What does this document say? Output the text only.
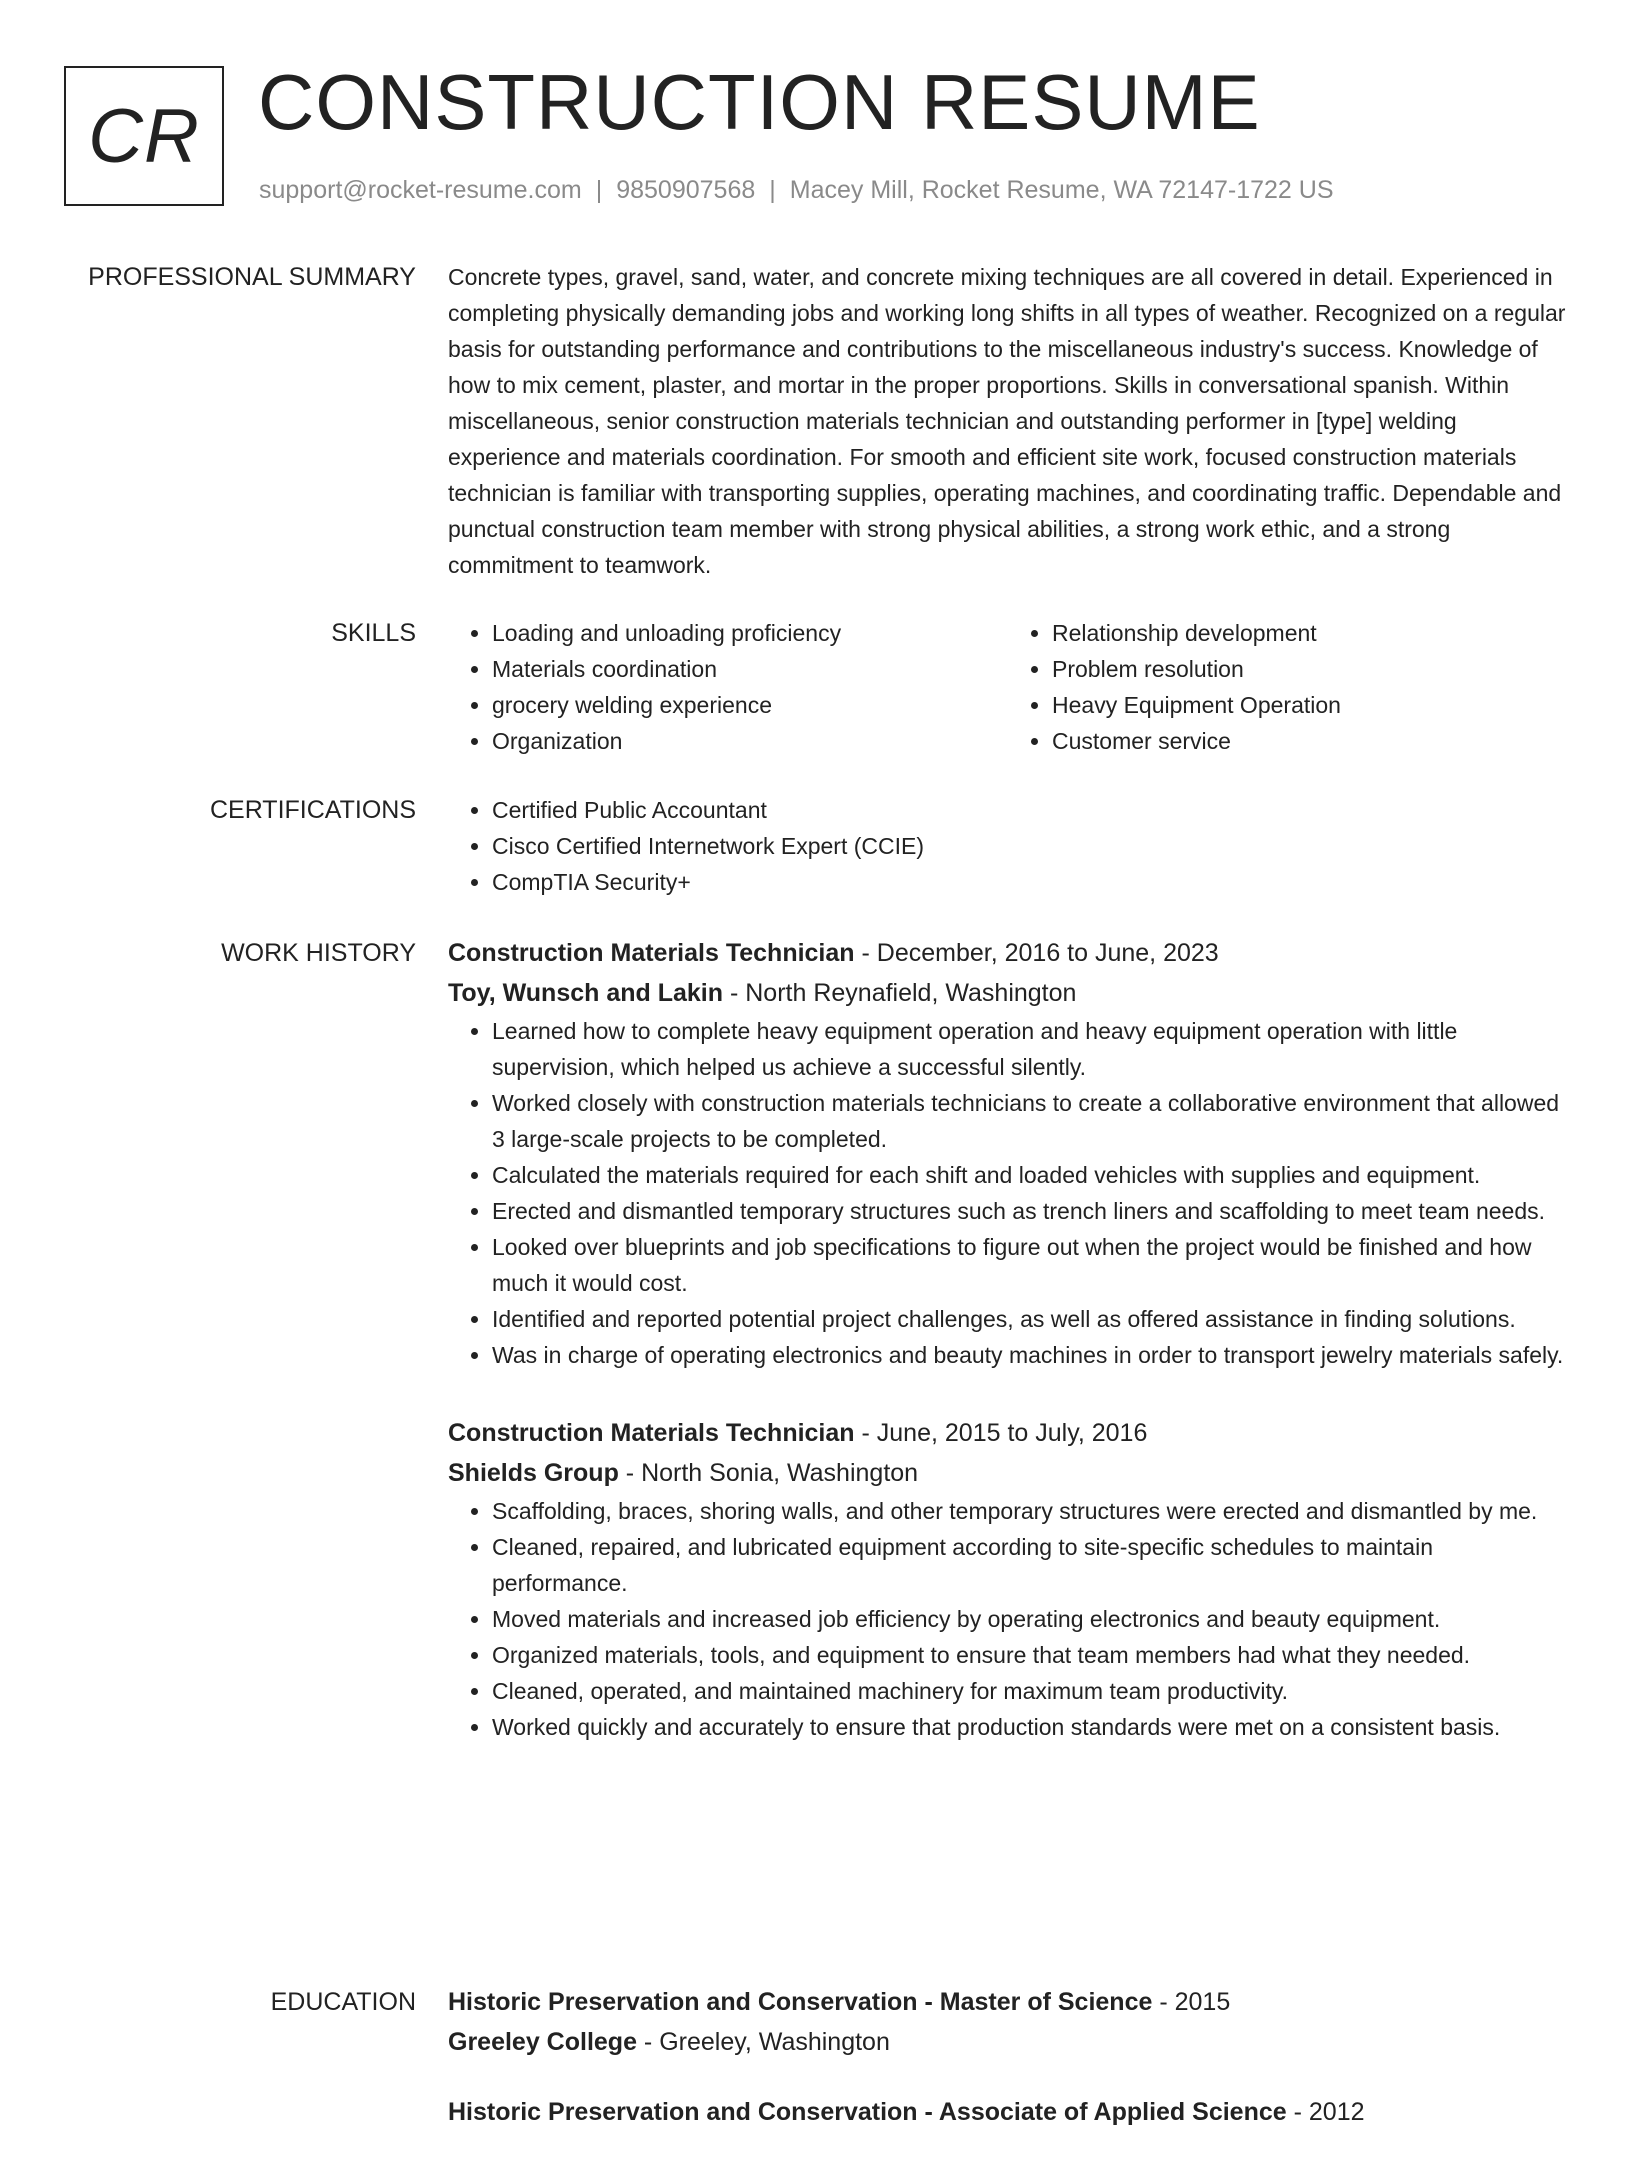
CR CONSTRUCTION RESUME
support@rocket-resume.com | 9850907568 | Macey Mill, Rocket Resume, WA 72147-1722 US
PROFESSIONAL SUMMARY Concrete types, gravel, sand, water, and concrete mixing techniques are all covered in detail. Experienced in completing physically demanding jobs and working long shifts in all types of weather. Recognized on a regular basis for outstanding performance and contributions to the miscellaneous industry's success. Knowledge of how to mix cement, plaster, and mortar in the proper proportions. Skills in conversational spanish. Within miscellaneous, senior construction materials technician and outstanding performer in [type] welding experience and materials coordination. For smooth and efficient site work, focused construction materials technician is familiar with transporting supplies, operating machines, and coordinating traffic. Dependable and punctual construction team member with strong physical abilities, a strong work ethic, and a strong commitment to teamwork.

SKILLS	• Loading and unloading proficiency
• Materials coordination
• grocery welding experience
• Organization
• Relationship development
• Problem resolution
• Heavy Equipment Operation
• Customer service
CERTIFICATIONS	• Certified Public Accountant
• Cisco Certified Internetwork Expert (CCIE)
• CompTIA Security+
WORK HISTORY Construction Materials Technician - December, 2016 to June, 2023
Toy, Wunsch and Lakin - North Reynafield, Washington
• Learned how to complete heavy equipment operation and heavy equipment operation with little supervision, which helped us achieve a successful silently.
• Worked closely with construction materials technicians to create a collaborative environment that allowed 3 large-scale projects to be completed.
• Calculated the materials required for each shift and loaded vehicles with supplies and equipment.
• Erected and dismantled temporary structures such as trench liners and scaffolding to meet team needs.
• Looked over blueprints and job specifications to figure out when the project would be finished and how much it would cost.
• Identified and reported potential project challenges, as well as offered assistance in finding solutions.
• Was in charge of operating electronics and beauty machines in order to transport jewelry materials safely.
Construction Materials Technician - June, 2015 to July, 2016
Shields Group - North Sonia, Washington
• Scaffolding, braces, shoring walls, and other temporary structures were erected and dismantled by me.
• Cleaned, repaired, and lubricated equipment according to site-specific schedules to maintain performance.
• Moved materials and increased job efficiency by operating electronics and beauty equipment.
• Organized materials, tools, and equipment to ensure that team members had what they needed.
• Cleaned, operated, and maintained machinery for maximum team productivity.
• Worked quickly and accurately to ensure that production standards were met on a consistent basis.
EDUCATION Historic Preservation and Conservation - Master of Science - 2015
Greeley College - Greeley, Washington
Historic Preservation and Conservation - Associate of Applied Science - 2012
